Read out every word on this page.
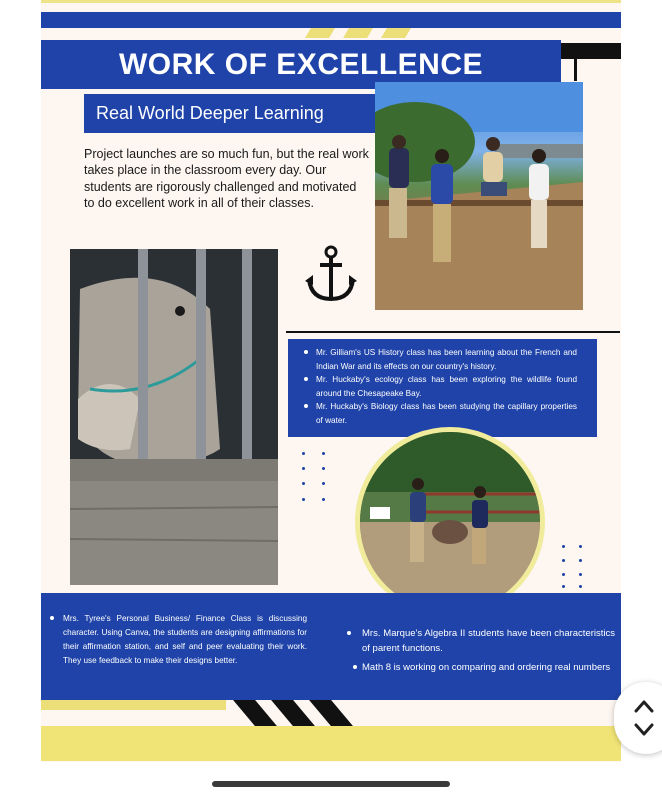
WORK OF EXCELLENCE
Real World Deeper Learning

Project launches are so much fun, but the real work takes place in the classroom every day. Our students are rigorously challenged and motivated to do excellent work in all of their classes.

Mr. Gilliam's US History class has been learning about the French and Indian War and its effects on our country's history.
Mr. Huckaby's ecology class has been exploring the wildlife found around the Chesapeake Bay.
Mr. Huckaby's Biology class has been studying the capillary properties of water.
Mrs. Tyree's Personal Business/ Finance Class is discussing character. Using Canva, the students are designing affirmations for their affirmation station, and self and peer evaluating their work. They use feedback to make their designs better.
Mrs. Marque's Algebra II students have been characteristics of parent functions.
Math 8 is working on comparing and ordering real numbers
